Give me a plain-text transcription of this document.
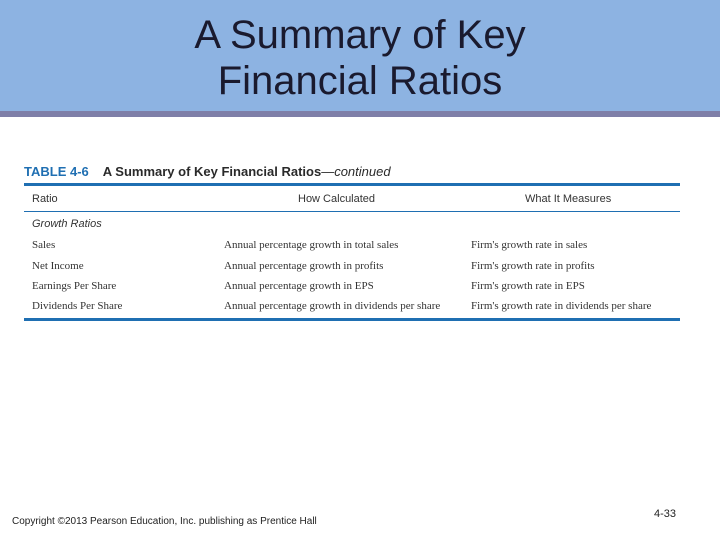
A Summary of Key
Financial Ratios
TABLE 4-6 A Summary of Key Financial Ratios—continued
Ratio	How Calculated	What It Measures
Growth Ratios
Sales	Annual percentage growth in total sales	Firm's growth rate in sales
Net Income	Annual percentage growth in profits	Firm's growth rate in profits
Earnings Per Share	Annual percentage growth in EPS	Firm's growth rate in EPS
Dividends Per Share	Annual percentage growth in dividends per share	Firm's growth rate in dividends per share
Copyright ©2013 Pearson Education, Inc. publishing as Prentice Hall
4-33
